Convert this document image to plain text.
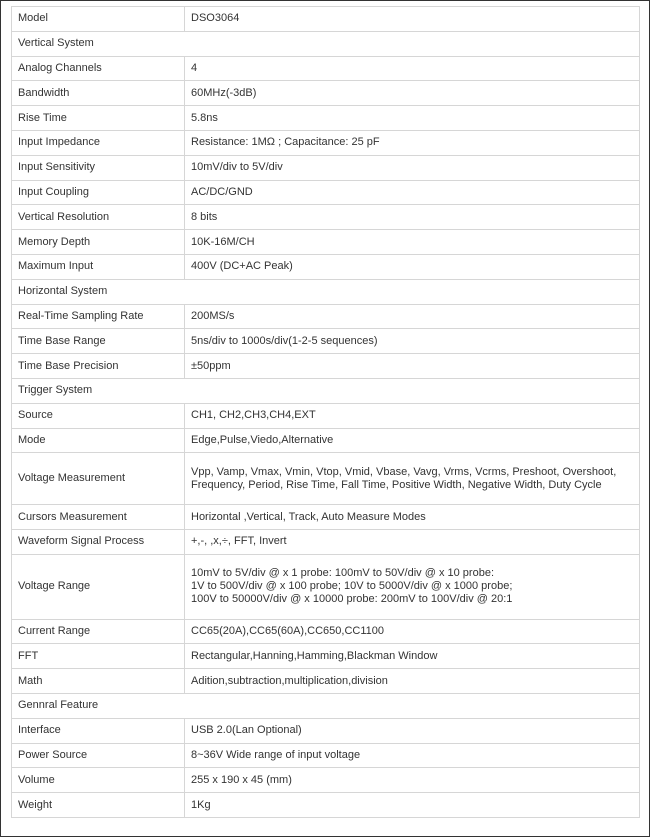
Model	DSO3064

Vertical System	
Analog Channels	4

Bandwidth	60MHz(-3dB)

Rise Time	5.8ns

Input Impedance	Resistance: 1MΩ ; Capacitance: 25 pF

Input Sensitivity	10mV/div to 5V/div

Input Coupling	AC/DC/GND

Vertical Resolution	8 bits

Memory Depth	10K-16M/CH

Maximum Input	400V (DC+AC Peak)

Horizontal System	
Real-Time Sampling Rate	200MS/s

Time Base Range	5ns/div to 1000s/div(1-2-5 sequences)

Time Base Precision	±50ppm

Trigger System	
Source	CH1, CH2,CH3,CH4,EXT

Mode	Edge,Pulse,Viedo,Alternative

Voltage Measurement	Vpp, Vamp, Vmax, Vmin, Vtop, Vmid, Vbase, Vavg, Vrms, Vcrms, Preshoot, Overshoot,
Frequency, Period, Rise Time, Fall Time, Positive Width, Negative Width, Duty Cycle

Cursors Measurement	Horizontal ,Vertical, Track, Auto Measure Modes

Waveform Signal Process	+,-, ,x,÷, FFT, Invert

Voltage Range	10mV to 5V/div @ x 1 probe: 100mV to 50V/div @ x 10 probe:
1V to 500V/div @ x 100 probe; 10V to 5000V/div @ x 1000 probe;
100V to 50000V/div @ x 10000 probe: 200mV to 100V/div @ 20:1

Current Range	CC65(20A),CC65(60A),CC650,CC1100

FFT	Rectangular,Hanning,Hamming,Blackman Window

Math	Adition,subtraction,multiplication,division

Gennral Feature	
Interface	USB 2.0(Lan Optional)

Power Source	8~36V Wide range of input voltage

Volume	255 x 190 x 45 (mm)

Weight	1Kg
